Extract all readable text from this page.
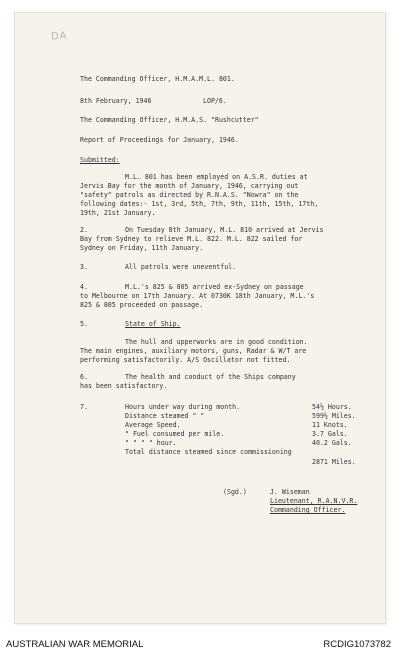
DA
The Commanding Officer, H.M.A.M.L. 801.
8th February, 1946	LOP/6.
The Commanding Officer, H.M.A.S. "Rushcutter"
Report of Proceedings for January, 1946.
Submitted:
M.L. 801 has been employed on A.S.R. duties at
Jervis Bay for the month of January, 1946, carrying out
"safety" patrols as directed by R.N.A.S. "Nowra" on the
following dates:- 1st, 3rd, 5th, 7th, 9th, 11th, 15th, 17th,
19th, 21st January.
2.	On Tuesday 8th January, M.L. 810 arrived at Jervis
Bay from Sydney to relieve M.L. 822. M.L. 822 sailed for
Sydney on Friday, 11th January.
3.	All patrols were uneventful.
4.	M.L.'s 825 & 805 arrived ex-Sydney on passage
to Melbourne on 17th January. At 0730K 18th January, M.L.'s
825 & 805 proceeded on passage.
5.	State of Ship.
The hull and upperworks are in good condition.
The main engines, auxiliary motors, guns, Radar & W/T are
performing satisfactorily. A/S Oscillator not fitted.
6.	The health and conduct of the Ships company
has been satisfactory.
7.	Hours under way during month.	54½ Hours.
Distance steamed " "	599½ Miles.
Average Speed.	11 Knots.
" Fuel consumed per mile.	3.7 Gals.
" " " " hour.	40.2 Gals.
Total distance steamed since commissioning
2871 Miles.
(Sgd.)	J. Wiseman
Lieutenant, R.A.N.V.R.
Commanding Officer.
AUSTRALIAN WAR MEMORIAL	RCDIG1073782
